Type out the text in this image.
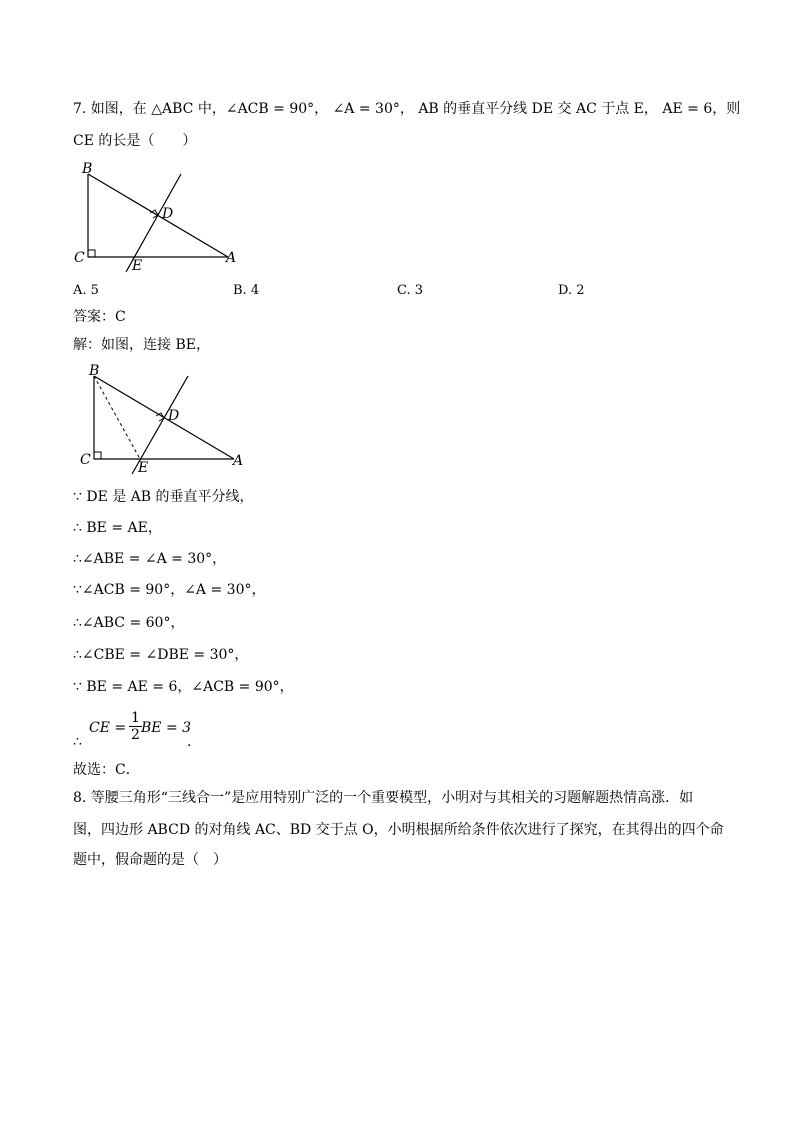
7. 如图，在 △ABC 中，∠ACB = 90°， ∠A = 30°， AB 的垂直平分线 DE 交 AC 于点 E， AE = 6，则
CE 的长是（　　）
B
C
D
E	A
A. 5	B. 4	C. 3	D. 2
答案：C
解：如图，连接 BE，
B
C
D
E	A
∵ DE 是 AB 的垂直平分线，
∴ BE = AE，
∴∠ABE = ∠A = 30°，
∵∠ACB = 90°，∠A = 30°，
∴∠ABC = 60°，
∴∠CBE = ∠DBE = 30°，
∵ BE = AE = 6，∠ACB = 90°，
∴
CE = $\frac{1}{2}$ BE = 3
.
故选：C．
8. 等腰三角形“三线合一”是应用特别广泛的一个重要模型，小明对与其相关的习题解题热情高涨．如
图，四边形 ABCD 的对角线 AC、BD 交于点 O，小明根据所给条件依次进行了探究，在其得出的四个命
题中，假命题的是（　）
